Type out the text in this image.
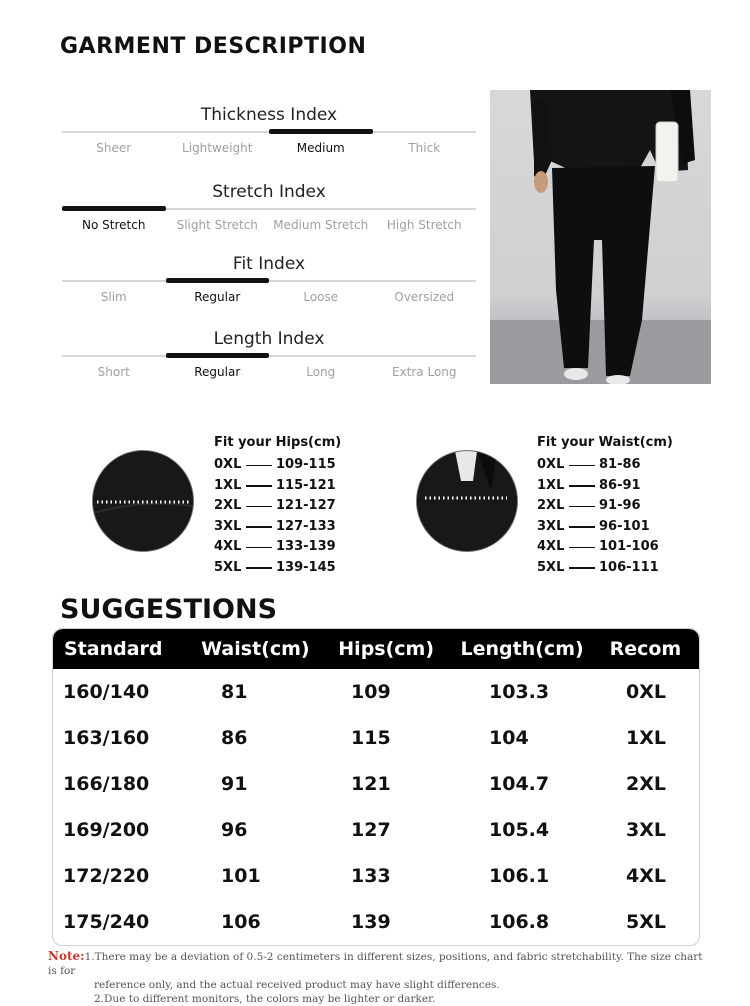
GARMENT DESCRIPTION
Thickness Index
Sheer	Lightweight	Medium	Thick
Stretch Index
No Stretch	Slight Stretch	Medium Stretch	High Stretch
Fit Index
Slim	Regular	Loose	Oversized
Length Index
Short	Regular	Long	Extra Long
Fit your Hips(cm)
0XL	109-115
1XL	115-121
2XL	121-127
3XL	127-133
4XL	133-139
5XL	139-145
Fit your Waist(cm)
0XL	81-86
1XL	86-91
2XL	91-96
3XL	96-101
4XL	101-106
5XL	106-111
SUGGESTIONS
Standard	Waist(cm)	Hips(cm)	Length(cm)	Recom
160/140	81	109	103.3	0XL
163/160	86	115	104	1XL
166/180	91	121	104.7	2XL
169/200	96	127	105.4	3XL
172/220	101	133	106.1	4XL
175/240	106	139	106.8	5XL
Note:1.There may be a deviation of 0.5-2 centimeters in different sizes, positions, and fabric stretchability. The size chart is for
reference only, and the actual received product may have slight differences.
2.Due to different monitors, the colors may be lighter or darker.
